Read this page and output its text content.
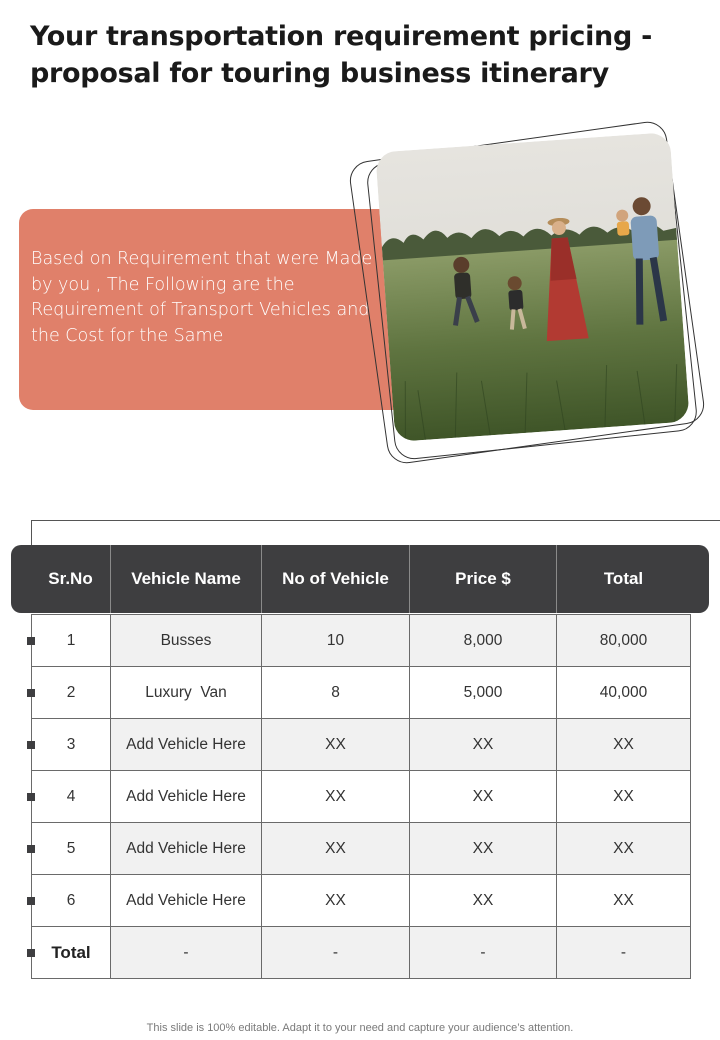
Your transportation requirement pricing -
proposal for touring business itinerary
Based on Requirement that were Made by you , The Following are the Requirement of Transport Vehicles and the Cost for the Same
Sr.No	Vehicle Name	No of Vehicle	Price $	Total
1	Busses	10	8,000	80,000
2	Luxury  Van	8	5,000	40,000
3	Add Vehicle Here	XX	XX	XX
4	Add Vehicle Here	XX	XX	XX
5	Add Vehicle Here	XX	XX	XX
6	Add Vehicle Here	XX	XX	XX
Total	-	-	-	-
This slide is 100% editable. Adapt it to your need and capture your audience’s attention.
